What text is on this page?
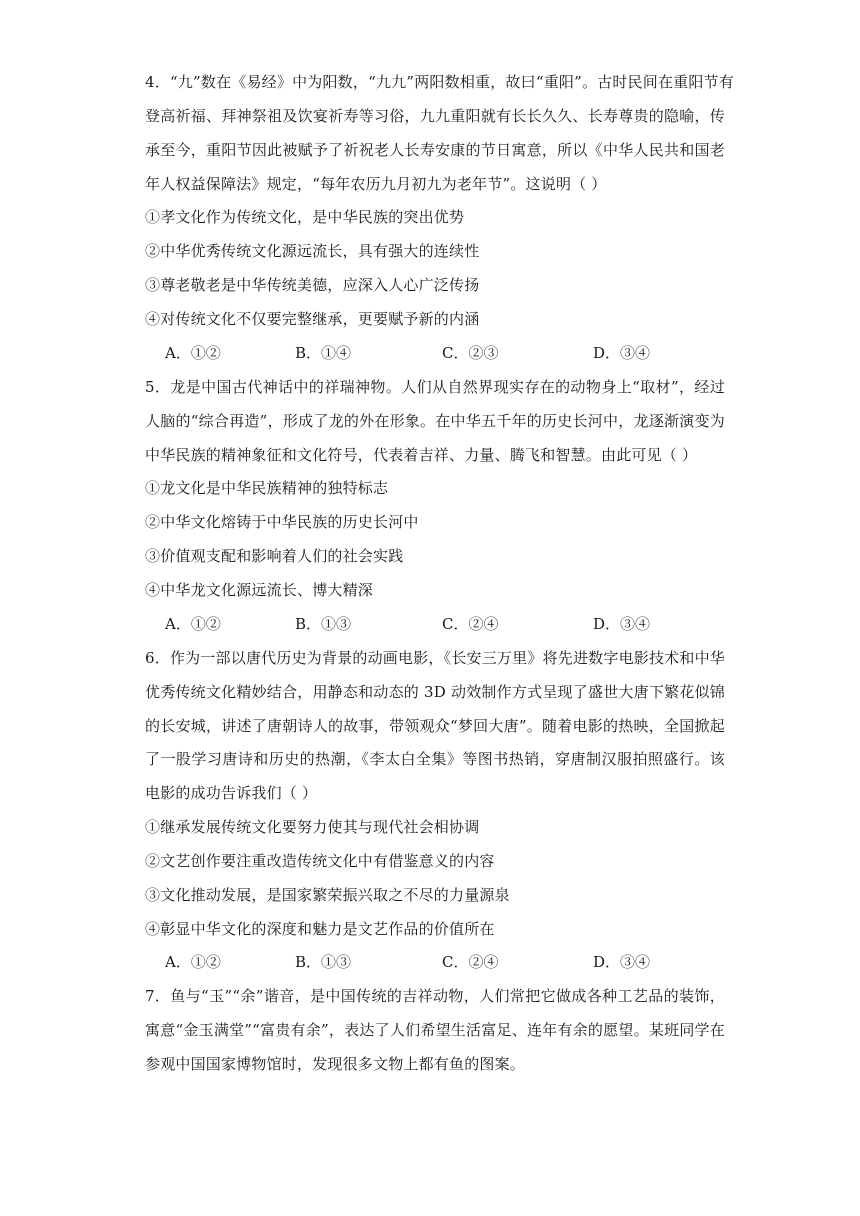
4．“九”数在《易经》中为阳数，“九九”两阳数相重，故曰“重阳”。古时民间在重阳节有
登高祈福、拜神祭祖及饮宴祈寿等习俗，九九重阳就有长长久久、长寿尊贵的隐喻，传
承至今，重阳节因此被赋予了祈祝老人长寿安康的节日寓意，所以《中华人民共和国老
年人权益保障法》规定，“每年农历九月初九为老年节”。这说明（ ）
①孝文化作为传统文化，是中华民族的突出优势
②中华优秀传统文化源远流长，具有强大的连续性
③尊老敬老是中华传统美德，应深入人心广泛传扬
④对传统文化不仅要完整继承，更要赋予新的内涵
A．①②	B．①④	C．②③	D．③④
5．龙是中国古代神话中的祥瑞神物。人们从自然界现实存在的动物身上“取材”，经过
人脑的“综合再造”，形成了龙的外在形象。在中华五千年的历史长河中，龙逐渐演变为
中华民族的精神象征和文化符号，代表着吉祥、力量、腾飞和智慧。由此可见（ ）
①龙文化是中华民族精神的独特标志
②中华文化熔铸于中华民族的历史长河中
③价值观支配和影响着人们的社会实践
④中华龙文化源远流长、博大精深
A．①②	B．①③	C．②④	D．③④
6．作为一部以唐代历史为背景的动画电影，《长安三万里》将先进数字电影技术和中华
优秀传统文化精妙结合，用静态和动态的 3D 动效制作方式呈现了盛世大唐下繁花似锦
的长安城，讲述了唐朝诗人的故事，带领观众“梦回大唐”。随着电影的热映，全国掀起
了一股学习唐诗和历史的热潮，《李太白全集》等图书热销，穿唐制汉服拍照盛行。该
电影的成功告诉我们（ ）
①继承发展传统文化要努力使其与现代社会相协调
②文艺创作要注重改造传统文化中有借鉴意义的内容
③文化推动发展，是国家繁荣振兴取之不尽的力量源泉
④彰显中华文化的深度和魅力是文艺作品的价值所在
A．①②	B．①③	C．②④	D．③④
7．鱼与“玉”“余”谐音，是中国传统的吉祥动物，人们常把它做成各种工艺品的装饰，
寓意“金玉满堂”“富贵有余”，表达了人们希望生活富足、连年有余的愿望。某班同学在
参观中国国家博物馆时，发现很多文物上都有鱼的图案。
